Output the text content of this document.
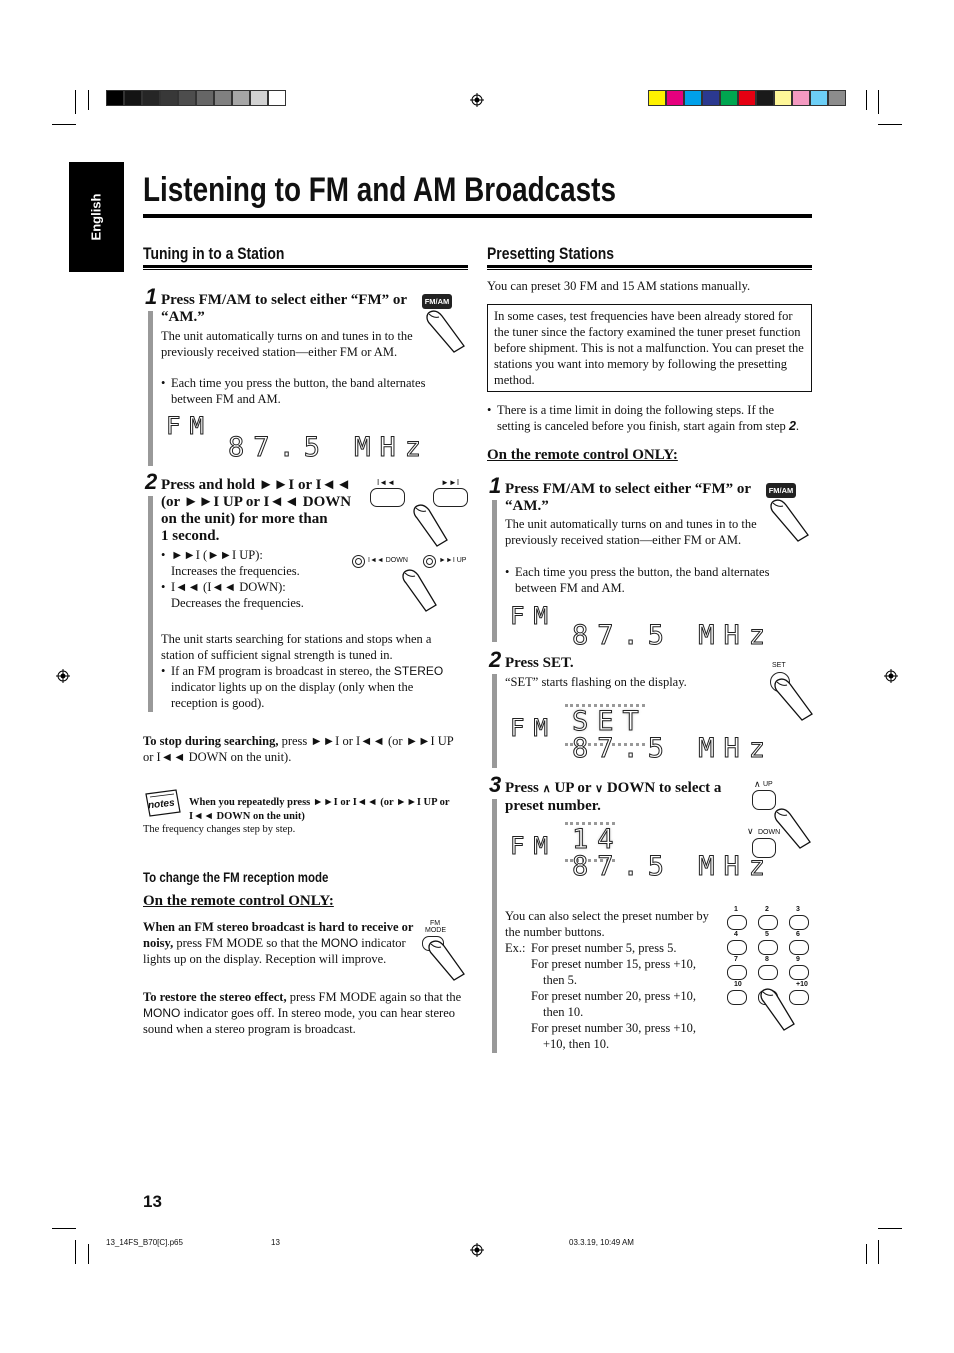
English
Listening to FM and AM Broadcasts
Tuning in to a Station
1 Press FM/AM to select either “FM” or “AM.”
The unit automatically turns on and tunes in to the previously received station—either FM or AM.
• Each time you press the button, the band alternates between FM and AM.
FM/AM
FM
87.5 MHz
2 Press and hold ►►I or I◄◄
(or ►►I UP or I◄◄ DOWN
on the unit) for more than
1 second.
• ►►I (►►I UP):
Increases the frequencies.
• I◄◄ (I◄◄ DOWN):
Decreases the frequencies.
I◄◄	►►I
I◄◄ DOWN	►►I UP
The unit starts searching for stations and stops when a station of sufficient signal strength is tuned in.
• If an FM program is broadcast in stereo, the STEREO indicator lights up on the display (only when the reception is good).
To stop during searching, press ►►I or I◄◄ (or ►►I UP or I◄◄ DOWN on the unit).
notes When you repeatedly press ►►I or I◄◄ (or ►►I UP or I◄◄ DOWN on the unit)
The frequency changes step by step.
To change the FM reception mode
On the remote control ONLY:
When an FM stereo broadcast is hard to receive or noisy, press FM MODE so that the MONO indicator lights up on the display. Reception will improve.
FM
MODE
To restore the stereo effect, press FM MODE again so that the MONO indicator goes off. In stereo mode, you can hear stereo sound when a stereo program is broadcast.
Presetting Stations
You can preset 30 FM and 15 AM stations manually.
In some cases, test frequencies have been already stored for the tuner since the factory examined the tuner preset function before shipment. This is not a malfunction. You can preset the stations you want into memory by following the presetting method.
• There is a time limit in doing the following steps. If the setting is canceled before you finish, start again from step 2.
On the remote control ONLY:
1 Press FM/AM to select either “FM” or “AM.”
The unit automatically turns on and tunes in to the previously received station—either FM or AM.
• Each time you press the button, the band alternates between FM and AM.
FM/AM
FM
87.5 MHz
2 Press SET.
“SET” starts flashing on the display.
SET
FM SET
87.5 MHz
3 Press ∧ UP or ∨ DOWN to select a preset number.
∧ UP
∨ DOWN
FM 14
87.5 MHz
You can also select the preset number by the number buttons.
Ex.: For preset number 5, press 5.
For preset number 15, press +10, then 5.
For preset number 20, press +10, then 10.
For preset number 30, press +10, +10, then 10.
1	2	3
4	5	6
7	8	9
10	+10
13
13_14FS_B70[C].p65	13	03.3.19, 10:49 AM
